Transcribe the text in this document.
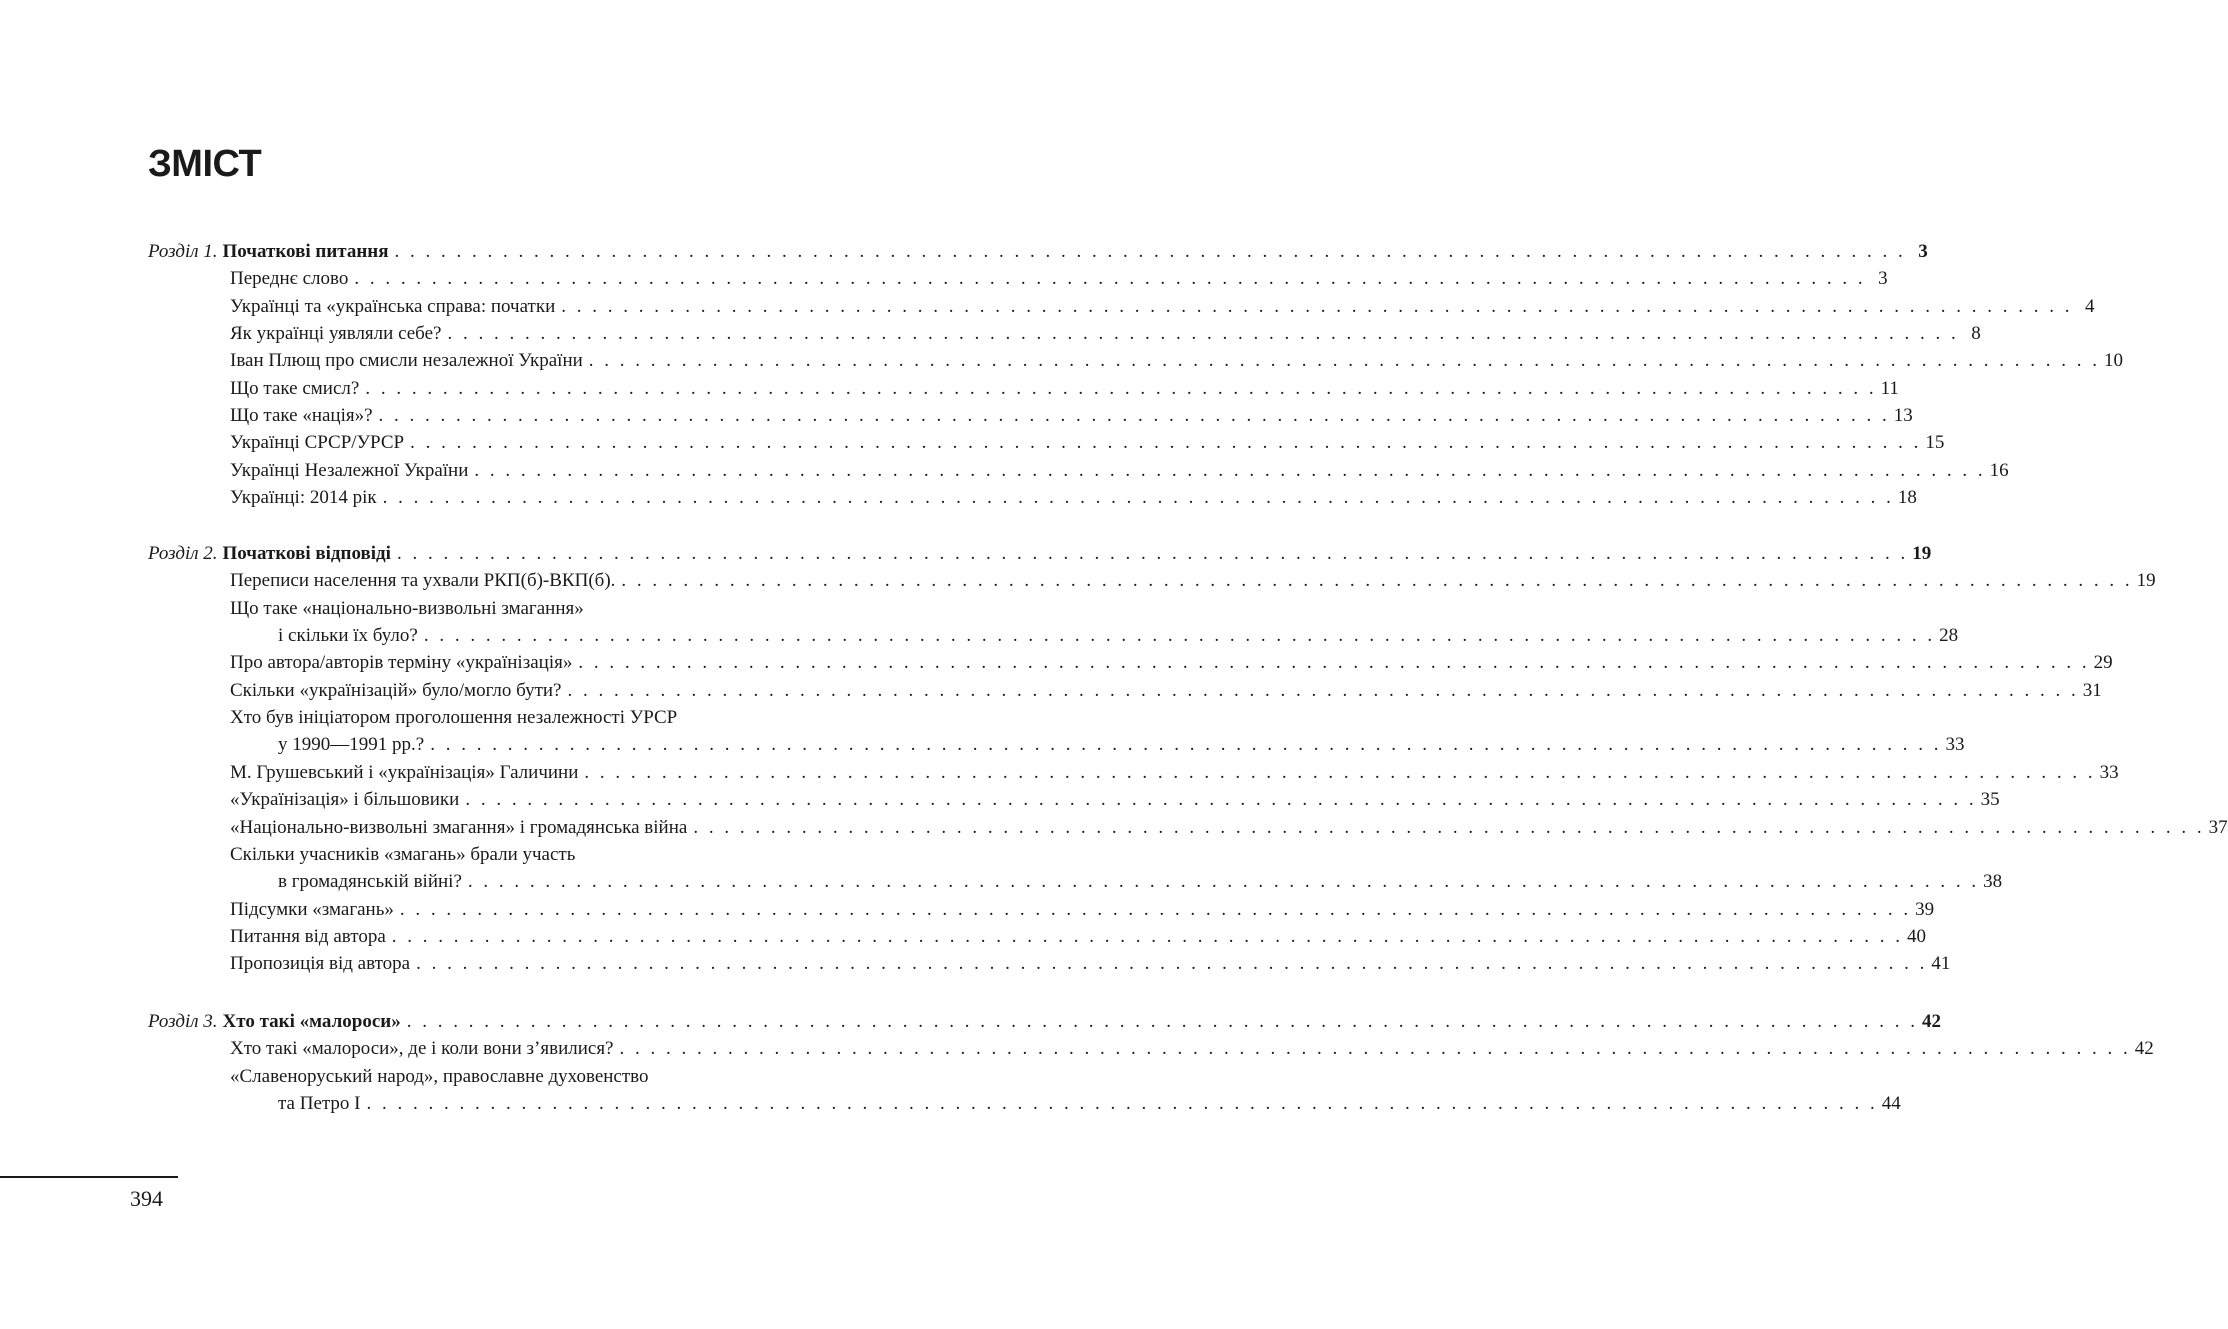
ЗМІСТ
Розділ 1. Початкові питання . . . . . . . . . . . . . . . . . . . . . . . . . . . . . . . . . . . . . . . . . . . . . . . . . . . . . . . . . . . . . . . . . . . . . . . . . . . . . . . . . . . . . . . . . . . . . . . . . . 3
Переднє слово . . . . . . . . . . . . . . . . . . . . . . . . . . . . . . . . . . . . . . . . . . . . . . . . . . . . . . . . . . . . . . . . . . . . . . . . . . . . . . . . . . . . . . . . . . . . . . . . . . 3
Українці та «українська справа: початки . . . . . . . . . . . . . . . . . . . . . . . . . . . . . . . . . . . . . . . . . . . . . . . . . . . . . . . . . . . . . . . . . . . . . . . . . . . . . . . . . . . . . . . . . . . . . . . . . . 4
Як українці уявляли себе? . . . . . . . . . . . . . . . . . . . . . . . . . . . . . . . . . . . . . . . . . . . . . . . . . . . . . . . . . . . . . . . . . . . . . . . . . . . . . . . . . . . . . . . . . . . . . . . . . . 8
Іван Плющ про смисли незалежної України . . . . . . . . . . . . . . . . . . . . . . . . . . . . . . . . . . . . . . . . . . . . . . . . . . . . . . . . . . . . . . . . . . . . . . . . . . . . . . . . . . . . . . . . . . . . . . . . . . 10
Що таке смисл? . . . . . . . . . . . . . . . . . . . . . . . . . . . . . . . . . . . . . . . . . . . . . . . . . . . . . . . . . . . . . . . . . . . . . . . . . . . . . . . . . . . . . . . . . . . . . . . . . . 11
Що таке «нація»? . . . . . . . . . . . . . . . . . . . . . . . . . . . . . . . . . . . . . . . . . . . . . . . . . . . . . . . . . . . . . . . . . . . . . . . . . . . . . . . . . . . . . . . . . . . . . . . . . . 13
Українці СРСР/УРСР . . . . . . . . . . . . . . . . . . . . . . . . . . . . . . . . . . . . . . . . . . . . . . . . . . . . . . . . . . . . . . . . . . . . . . . . . . . . . . . . . . . . . . . . . . . . . . . . . . 15
Українці Незалежної України . . . . . . . . . . . . . . . . . . . . . . . . . . . . . . . . . . . . . . . . . . . . . . . . . . . . . . . . . . . . . . . . . . . . . . . . . . . . . . . . . . . . . . . . . . . . . . . . . . 16
Українці: 2014 рік . . . . . . . . . . . . . . . . . . . . . . . . . . . . . . . . . . . . . . . . . . . . . . . . . . . . . . . . . . . . . . . . . . . . . . . . . . . . . . . . . . . . . . . . . . . . . . . . . . 18
Розділ 2. Початкові відповіді . . . . . . . . . . . . . . . . . . . . . . . . . . . . . . . . . . . . . . . . . . . . . . . . . . . . . . . . . . . . . . . . . . . . . . . . . . . . . . . . . . . . . . . . . . . . . . . . . . 19
Переписи населення та ухвали РКП(б)-ВКП(б). . . . . . . . . . . . . . . . . . . . . . . . . . . . . . . . . . . . . . . . . . . . . . . . . . . . . . . . . . . . . . . . . . . . . . . . . . . . . . . . . . . . . . . . . . . . . . . . . . . 19
Що таке «національно-визвольні змагання»
і скільки їх було? . . . . . . . . . . . . . . . . . . . . . . . . . . . . . . . . . . . . . . . . . . . . . . . . . . . . . . . . . . . . . . . . . . . . . . . . . . . . . . . . . . . . . . . . . . . . . . . . . . 28
Про автора/авторів терміну «українізація» . . . . . . . . . . . . . . . . . . . . . . . . . . . . . . . . . . . . . . . . . . . . . . . . . . . . . . . . . . . . . . . . . . . . . . . . . . . . . . . . . . . . . . . . . . . . . . . . . . 29
Скільки «українізацій» було/могло бути? . . . . . . . . . . . . . . . . . . . . . . . . . . . . . . . . . . . . . . . . . . . . . . . . . . . . . . . . . . . . . . . . . . . . . . . . . . . . . . . . . . . . . . . . . . . . . . . . . . 31
Хто був ініціатором проголошення незалежності УРСР
у 1990—1991 рр.? . . . . . . . . . . . . . . . . . . . . . . . . . . . . . . . . . . . . . . . . . . . . . . . . . . . . . . . . . . . . . . . . . . . . . . . . . . . . . . . . . . . . . . . . . . . . . . . . . . 33
М. Грушевський і «українізація» Галичини . . . . . . . . . . . . . . . . . . . . . . . . . . . . . . . . . . . . . . . . . . . . . . . . . . . . . . . . . . . . . . . . . . . . . . . . . . . . . . . . . . . . . . . . . . . . . . . . . . 33
«Українізація» і більшовики . . . . . . . . . . . . . . . . . . . . . . . . . . . . . . . . . . . . . . . . . . . . . . . . . . . . . . . . . . . . . . . . . . . . . . . . . . . . . . . . . . . . . . . . . . . . . . . . . . 35
«Національно-визвольні змагання» і громадянська війна . . . . . . . . . . . . . . . . . . . . . . . . . . . . . . . . . . . . . . . . . . . . . . . . . . . . . . . . . . . . . . . . . . . . . . . . . . . . . . . . . . . . . . . . . . . . . . . . . . 37
Скільки учасників «змагань» брали участь
в громадянській війні? . . . . . . . . . . . . . . . . . . . . . . . . . . . . . . . . . . . . . . . . . . . . . . . . . . . . . . . . . . . . . . . . . . . . . . . . . . . . . . . . . . . . . . . . . . . . . . . . . . 38
Підсумки «змагань» . . . . . . . . . . . . . . . . . . . . . . . . . . . . . . . . . . . . . . . . . . . . . . . . . . . . . . . . . . . . . . . . . . . . . . . . . . . . . . . . . . . . . . . . . . . . . . . . . . 39
Питання від автора . . . . . . . . . . . . . . . . . . . . . . . . . . . . . . . . . . . . . . . . . . . . . . . . . . . . . . . . . . . . . . . . . . . . . . . . . . . . . . . . . . . . . . . . . . . . . . . . . . 40
Пропозиція від автора . . . . . . . . . . . . . . . . . . . . . . . . . . . . . . . . . . . . . . . . . . . . . . . . . . . . . . . . . . . . . . . . . . . . . . . . . . . . . . . . . . . . . . . . . . . . . . . . . . 41
Розділ 3. Хто такі «малороси» . . . . . . . . . . . . . . . . . . . . . . . . . . . . . . . . . . . . . . . . . . . . . . . . . . . . . . . . . . . . . . . . . . . . . . . . . . . . . . . . . . . . . . . . . . . . . . . . . . 42
Хто такі «малороси», де і коли вони з’явилися? . . . . . . . . . . . . . . . . . . . . . . . . . . . . . . . . . . . . . . . . . . . . . . . . . . . . . . . . . . . . . . . . . . . . . . . . . . . . . . . . . . . . . . . . . . . . . . . . . . 42
«Славеноруський народ», православне духовенство
та Петро І . . . . . . . . . . . . . . . . . . . . . . . . . . . . . . . . . . . . . . . . . . . . . . . . . . . . . . . . . . . . . . . . . . . . . . . . . . . . . . . . . . . . . . . . . . . . . . . . . . 44
394
